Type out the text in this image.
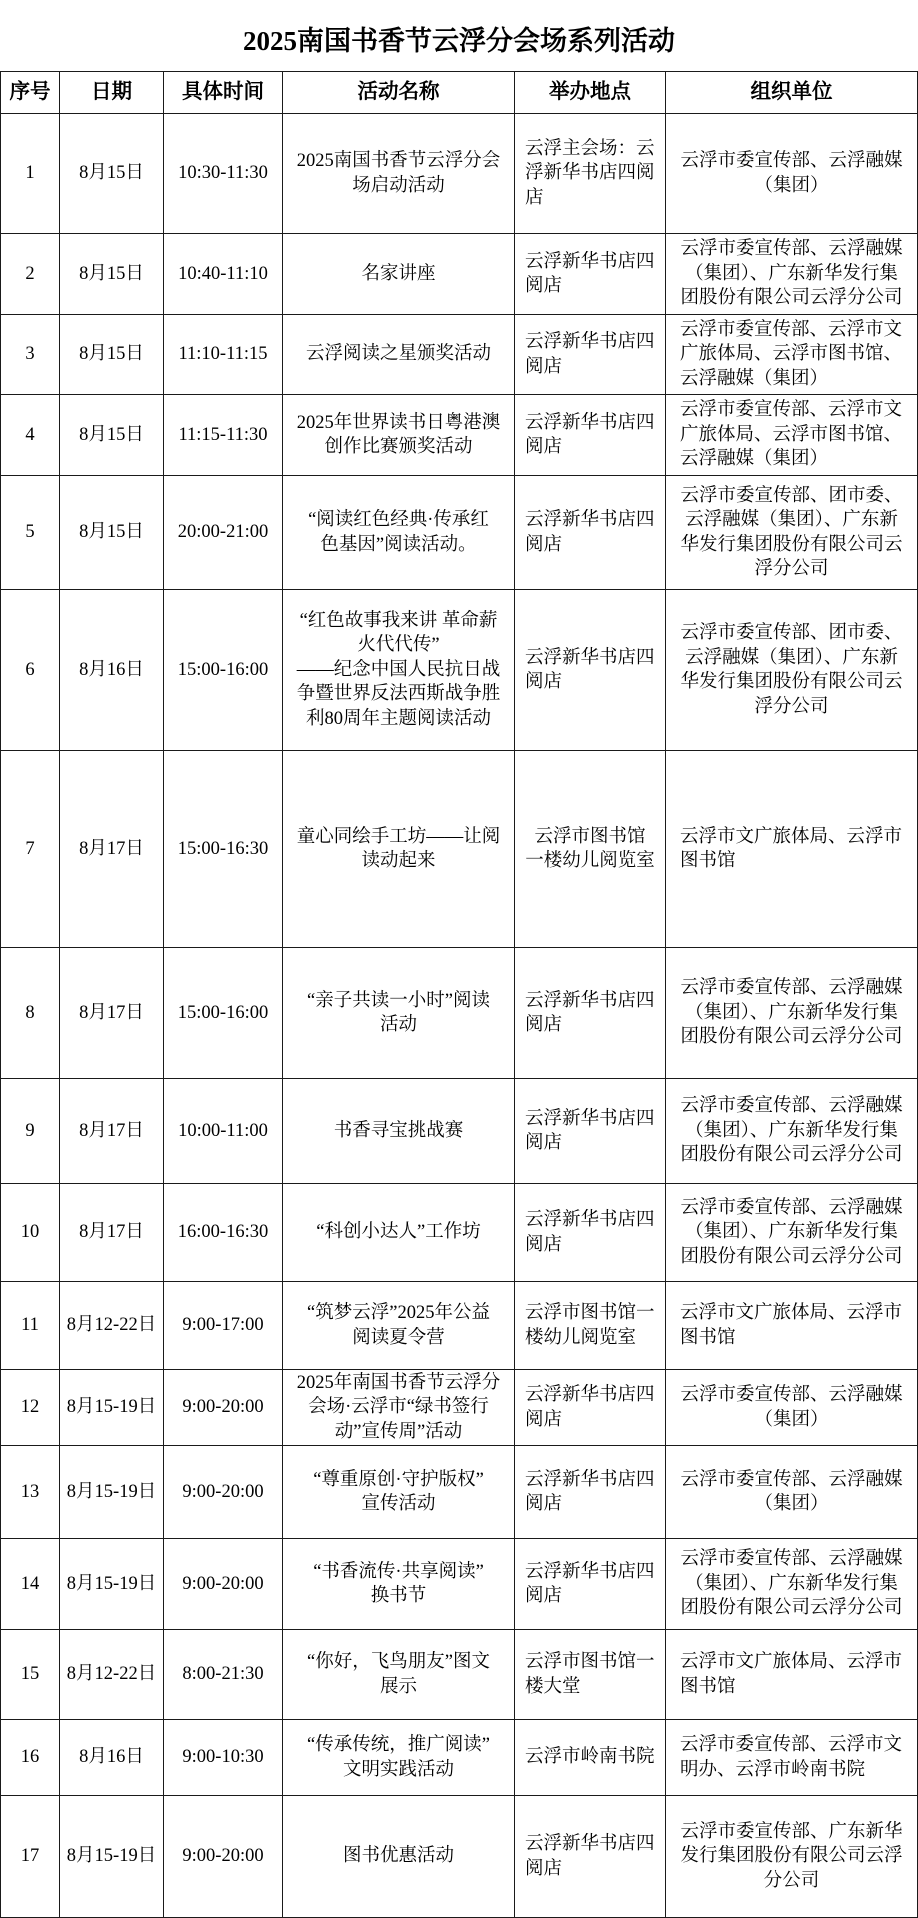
2025南国书香节云浮分会场系列活动
序号	日期	具体时间	活动名称	举办地点	组织单位

1	8月15日	10:30-11:30	2025南国书香节云浮分会
场启动活动	云浮主会场：云
浮新华书店四阅
店	云浮市委宣传部、云浮融媒
（集团）

2	8月15日	10:40-11:10	名家讲座	云浮新华书店四
阅店	云浮市委宣传部、云浮融媒
（集团）、广东新华发行集
团股份有限公司云浮分公司

3	8月15日	11:10-11:15	云浮阅读之星颁奖活动	云浮新华书店四
阅店	云浮市委宣传部、云浮市文
广旅体局、云浮市图书馆、
云浮融媒（集团）

4	8月15日	11:15-11:30	2025年世界读书日粤港澳
创作比赛颁奖活动	云浮新华书店四
阅店	云浮市委宣传部、云浮市文
广旅体局、云浮市图书馆、
云浮融媒（集团）

5	8月15日	20:00-21:00	“阅读红色经典·传承红
色基因”阅读活动。	云浮新华书店四
阅店	云浮市委宣传部、团市委、
云浮融媒（集团）、广东新
华发行集团股份有限公司云
浮分公司

6	8月16日	15:00-16:00	“红色故事我来讲 革命薪
火代代传”
——纪念中国人民抗日战
争暨世界反法西斯战争胜
利80周年主题阅读活动	云浮新华书店四
阅店	云浮市委宣传部、团市委、
云浮融媒（集团）、广东新
华发行集团股份有限公司云
浮分公司

7	8月17日	15:00-16:30	童心同绘手工坊——让阅
读动起来	云浮市图书馆
一楼幼儿阅览室	云浮市文广旅体局、云浮市
图书馆

8	8月17日	15:00-16:00	“亲子共读一小时”阅读
活动	云浮新华书店四
阅店	云浮市委宣传部、云浮融媒
（集团）、广东新华发行集
团股份有限公司云浮分公司

9	8月17日	10:00-11:00	书香寻宝挑战赛	云浮新华书店四
阅店	云浮市委宣传部、云浮融媒
（集团）、广东新华发行集
团股份有限公司云浮分公司

10	8月17日	16:00-16:30	“科创小达人”工作坊	云浮新华书店四
阅店	云浮市委宣传部、云浮融媒
（集团）、广东新华发行集
团股份有限公司云浮分公司

11	8月12-22日	9:00-17:00	“筑梦云浮”2025年公益
阅读夏令营	云浮市图书馆一
楼幼儿阅览室	云浮市文广旅体局、云浮市
图书馆

12	8月15-19日	9:00-20:00	2025年南国书香节云浮分
会场·云浮市“绿书签行
动”宣传周”活动	云浮新华书店四
阅店	云浮市委宣传部、云浮融媒
（集团）

13	8月15-19日	9:00-20:00	“尊重原创·守护版权”
宣传活动	云浮新华书店四
阅店	云浮市委宣传部、云浮融媒
（集团）

14	8月15-19日	9:00-20:00	“书香流传·共享阅读”
换书节	云浮新华书店四
阅店	云浮市委宣传部、云浮融媒
（集团）、广东新华发行集
团股份有限公司云浮分公司

15	8月12-22日	8:00-21:30	“你好，飞鸟朋友”图文
展示	云浮市图书馆一
楼大堂	云浮市文广旅体局、云浮市
图书馆

16	8月16日	9:00-10:30	“传承传统，推广阅读”
文明实践活动	云浮市岭南书院	云浮市委宣传部、云浮市文
明办、云浮市岭南书院

17	8月15-19日	9:00-20:00	图书优惠活动	云浮新华书店四
阅店	云浮市委宣传部、广东新华
发行集团股份有限公司云浮
分公司
